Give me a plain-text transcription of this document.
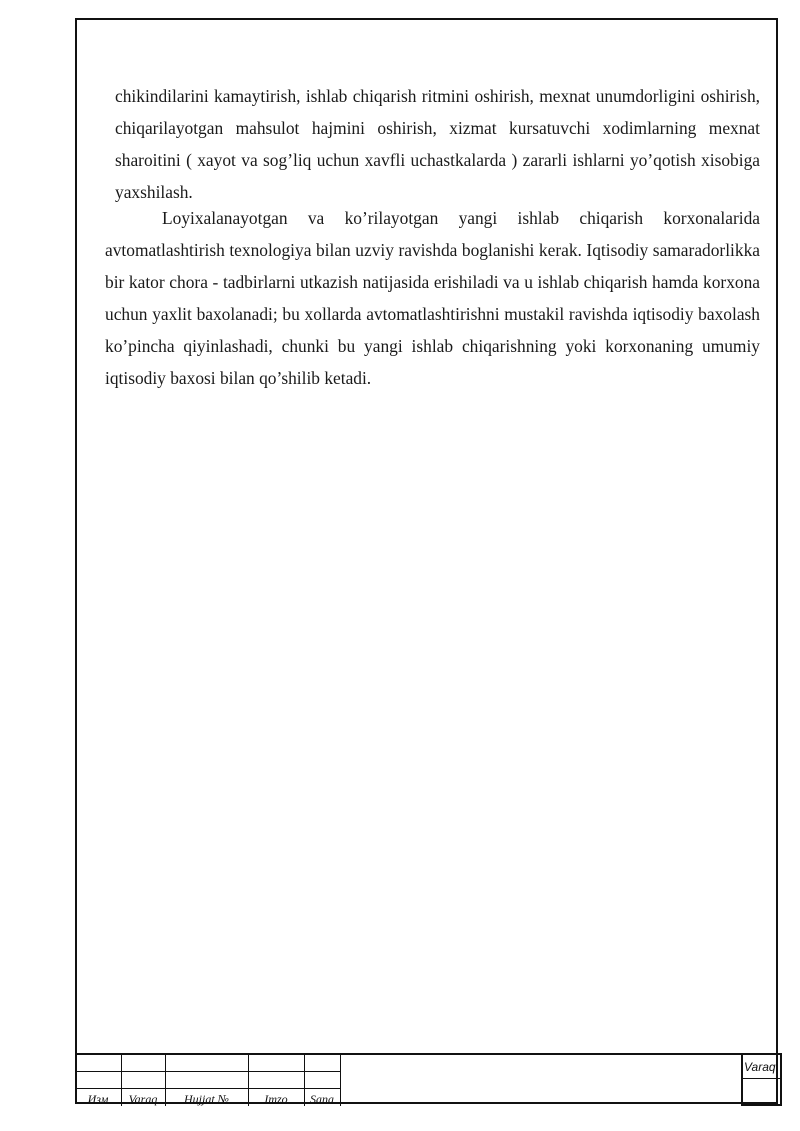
chikindilarini kamaytirish, ishlab chiqarish ritmini oshirish, mexnat unumdorligini oshirish, chiqarilayotgan mahsulot hajmini oshirish, xizmat kursatuvchi xodimlarning mexnat sharoitini ( xayot va sog’liq uchun xavfli uchastkalarda ) zararli ishlarni yo’qotish xisobiga yaxshilash.

Loyixalanayotgan va ko’rilayotgan yangi ishlab chiqarish korxonalarida avtomatlashtirish texnologiya bilan uzviy ravishda boglanishi kerak. Iqtisodiy samaradorlikka bir kator chora - tadbirlarni utkazish natijasida erishiladi va u ishlab chiqarish hamda korxona uchun yaxlit baxolanadi; bu xollarda avtomatlashtirishni mustakil ravishda iqtisodiy baxolash ko’pincha qiyinlashadi, chunki bu yangi ishlab chiqarishning yoki korxonaning umumiy iqtisodiy baxosi bilan qo’shilib ketadi.

Изм	Varaq	Hujjat №	Imzo	Sana
Varaq
